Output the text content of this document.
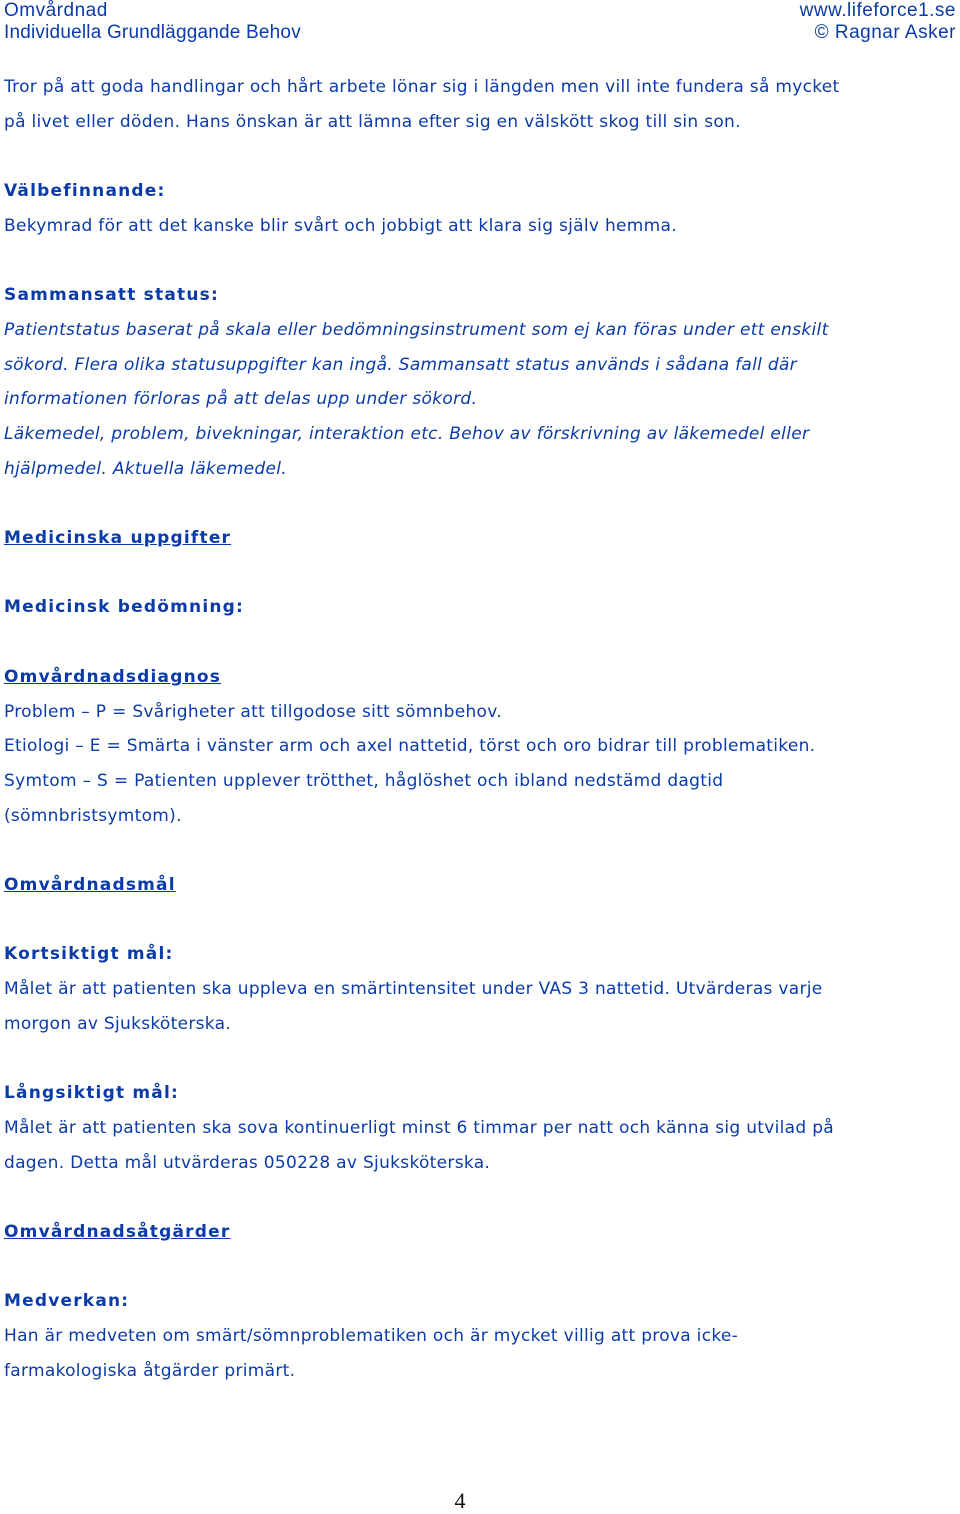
Omvårdnad	www.lifeforce1.se
Individuella Grundläggande Behov	© Ragnar Asker

Tror på att goda handlingar och hårt arbete lönar sig i längden men vill inte fundera så mycket

på livet eller döden. Hans önskan är att lämna efter sig en välskött skog till sin son.

Välbefinnande:

Bekymrad för att det kanske blir svårt och jobbigt att klara sig själv hemma.

Sammansatt status:

Patientstatus baserat på skala eller bedömningsinstrument som ej kan föras under ett enskilt

sökord. Flera olika statusuppgifter kan ingå. Sammansatt status används i sådana fall där

informationen förloras på att delas upp under sökord.

Läkemedel, problem, bivekningar, interaktion etc. Behov av förskrivning av läkemedel eller

hjälpmedel. Aktuella läkemedel.

Medicinska uppgifter

Medicinsk bedömning:

Omvårdnadsdiagnos

Problem – P = Svårigheter att tillgodose sitt sömnbehov.

Etiologi – E = Smärta i vänster arm och axel nattetid, törst och oro bidrar till problematiken.

Symtom – S = Patienten upplever trötthet, håglöshet och ibland nedstämd dagtid

(sömnbristsymtom).

Omvårdnadsmål

Kortsiktigt mål:

Målet är att patienten ska uppleva en smärtintensitet under VAS 3 nattetid. Utvärderas varje

morgon av Sjuksköterska.

Långsiktigt mål:

Målet är att patienten ska sova kontinuerligt minst 6 timmar per natt och känna sig utvilad på

dagen. Detta mål utvärderas 050228 av Sjuksköterska.

Omvårdnadsåtgärder

Medverkan:

Han är medveten om smärt/sömnproblematiken och är mycket villig att prova icke-

farmakologiska åtgärder primärt.

4
